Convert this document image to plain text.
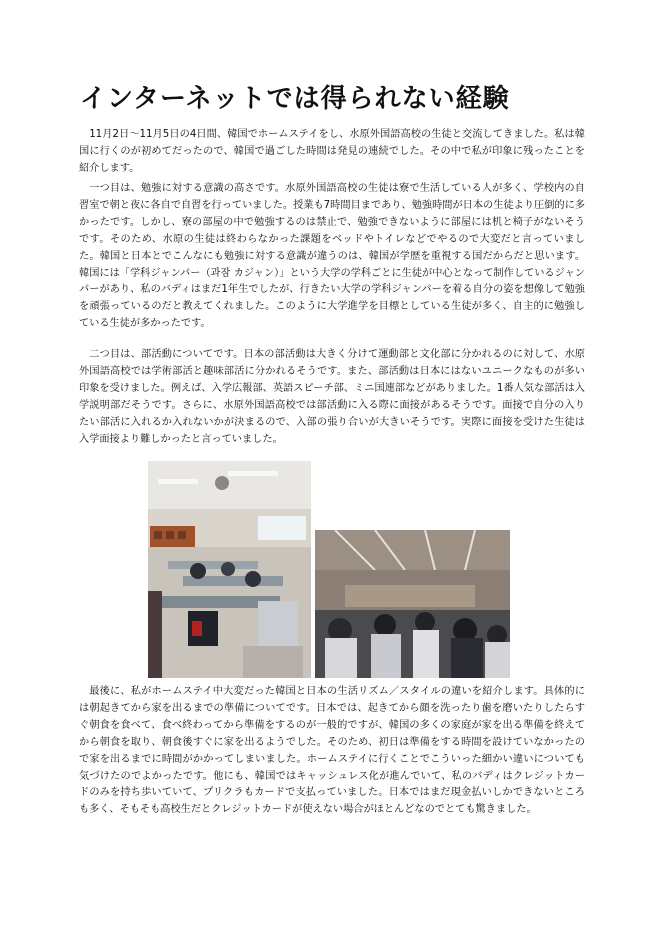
インターネットでは得られない経験

11月2日～11月5日の4日間、韓国でホームステイをし、水原外国語高校の生徒と交流してきました。私は韓国に行くのが初めてだったので、韓国で過ごした時間は発見の連続でした。その中で私が印象に残ったことを紹介します。

一つ目は、勉強に対する意識の高さです。水原外国語高校の生徒は寮で生活している人が多く、学校内の自習室で朝と夜に各自で自習を行っていました。授業も7時間目まであり、勉強時間が日本の生徒より圧倒的に多かったです。しかし、寮の部屋の中で勉強するのは禁止で、勉強できないように部屋には机と椅子がないそうです。そのため、水原の生徒は終わらなかった課題をベッドやトイレなどでやるので大変だと言っていました。韓国と日本とでこんなにも勉強に対する意識が違うのは、韓国が学歴を重視する国だからだと思います。韓国には「学科ジャンパー（과잠 カジャン）」という大学の学科ごとに生徒が中心となって制作しているジャンパーがあり、私のバディはまだ1年生でしたが、行きたい大学の学科ジャンパーを着る自分の姿を想像して勉強を頑張っているのだと教えてくれました。このように大学進学を目標としている生徒が多く、自主的に勉強している生徒が多かったです。

二つ目は、部活動についてです。日本の部活動は大きく分けて運動部と文化部に分かれるのに対して、水原外国語高校では学術部活と趣味部活に分かれるそうです。また、部活動は日本にはないユニークなものが多い印象を受けました。例えば、入学広報部、英語スピーチ部、ミニ国連部などがありました。1番人気な部活は入学説明部だそうです。さらに、水原外国語高校では部活動に入る際に面接があるそうです。面接で自分の入りたい部活に入れるか入れないかが決まるので、入部の張り合いが大きいそうです。実際に面接を受けた生徒は入学面接より難しかったと言っていました。

最後に、私がホームステイ中大変だった韓国と日本の生活リズム／スタイルの違いを紹介します。具体的には朝起きてから家を出るまでの準備についてです。日本では、起きてから顔を洗ったり歯を磨いたりしたらすぐ朝食を食べて、食べ終わってから準備をするのが一般的ですが、韓国の多くの家庭が家を出る準備を終えてから朝食を取り、朝食後すぐに家を出るようでした。そのため、初日は準備をする時間を設けていなかったので家を出るまでに時間がかかってしまいました。ホームステイに行くことでこういった細かい違いについても気づけたのでよかったです。他にも、韓国ではキャッシュレス化が進んでいて、私のバディはクレジットカードのみを持ち歩いていて、プリクラもカードで支払っていました。日本ではまだ現金払いしかできないところも多く、そもそも高校生だとクレジットカードが使えない場合がほとんどなのでとても驚きました。
